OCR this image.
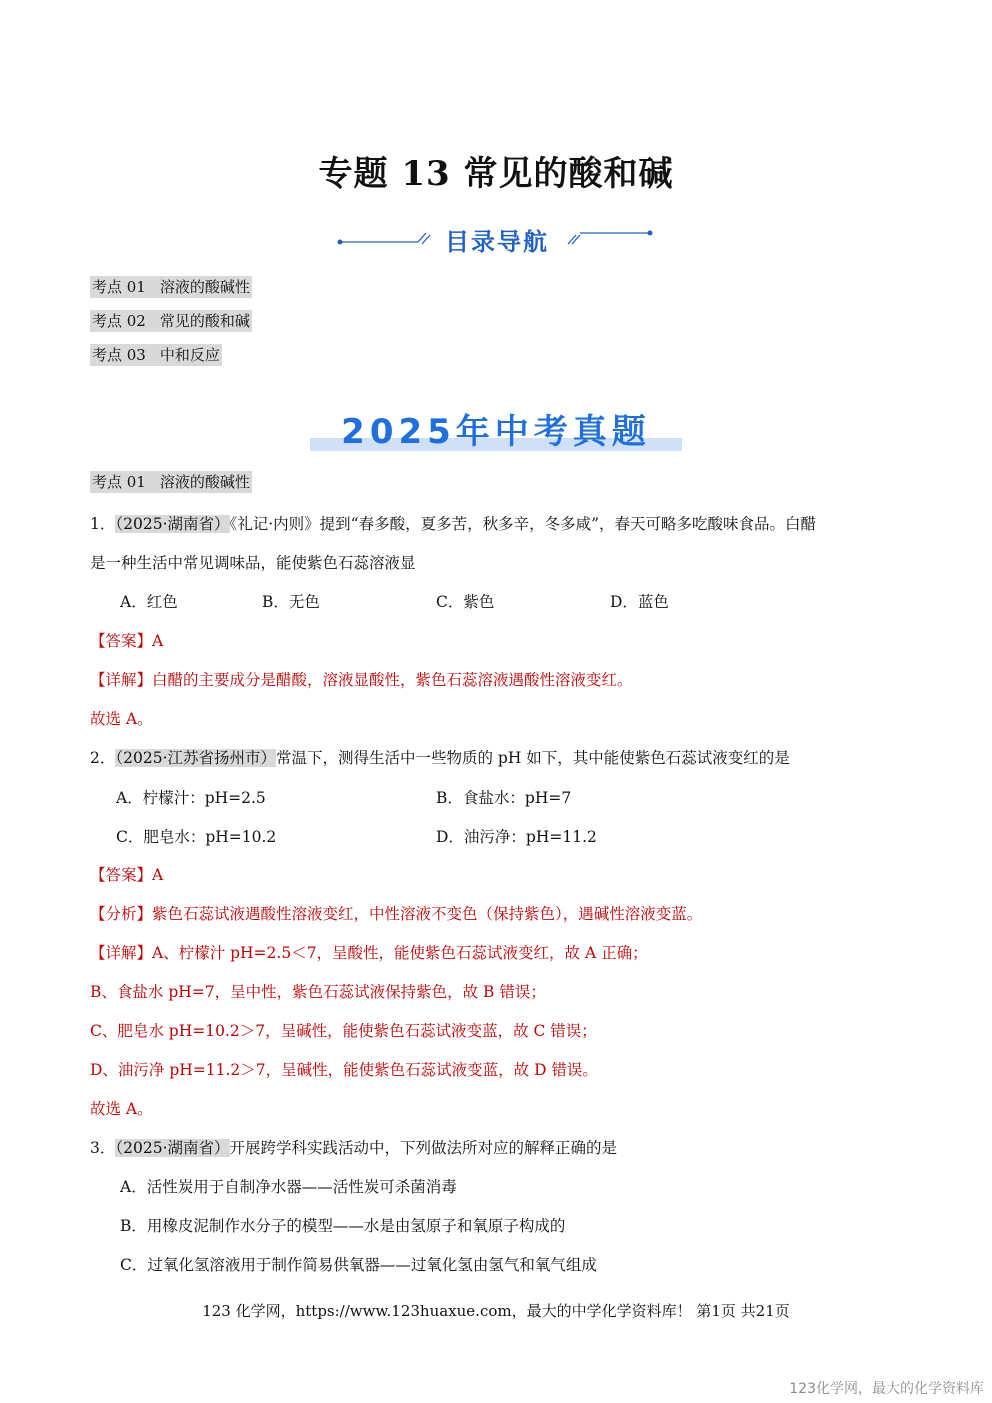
专题 13 常见的酸和碱
目录导航
考点 01 溶液的酸碱性
考点 02 常见的酸和碱
考点 03 中和反应
2025年中考真题
考点 01 溶液的酸碱性
1．（2025·湖南省）《礼记·内则》提到“春多酸，夏多苦，秋多辛，冬多咸”，春天可略多吃酸味食品。白醋
是一种生活中常见调味品，能使紫色石蕊溶液显
A．红色	B．无色	C．紫色	D．蓝色
【答案】A
【详解】白醋的主要成分是醋酸，溶液显酸性，紫色石蕊溶液遇酸性溶液变红。
故选 A。
2．（2025·江苏省扬州市）常温下，测得生活中一些物质的 pH 如下，其中能使紫色石蕊试液变红的是
A．柠檬汁：pH=2.5	B．食盐水：pH=7
C．肥皂水：pH=10.2	D．油污净：pH=11.2
【答案】A
【分析】紫色石蕊试液遇酸性溶液变红，中性溶液不变色（保持紫色），遇碱性溶液变蓝。
【详解】A、柠檬汁 pH=2.5＜7，呈酸性，能使紫色石蕊试液变红，故 A 正确；
B、食盐水 pH=7，呈中性，紫色石蕊试液保持紫色，故 B 错误；
C、肥皂水 pH=10.2＞7，呈碱性，能使紫色石蕊试液变蓝，故 C 错误；
D、油污净 pH=11.2＞7，呈碱性，能使紫色石蕊试液变蓝，故 D 错误。
故选 A。
3．（2025·湖南省）开展跨学科实践活动中，下列做法所对应的解释正确的是
A．活性炭用于自制净水器——活性炭可杀菌消毒
B．用橡皮泥制作水分子的模型——水是由氢原子和氧原子构成的
C．过氧化氢溶液用于制作简易供氧器——过氧化氢由氢气和氧气组成
123 化学网，https://www.123huaxue.com，最大的中学化学资料库！ 第1页 共21页
123化学网，最大的化学资料库
